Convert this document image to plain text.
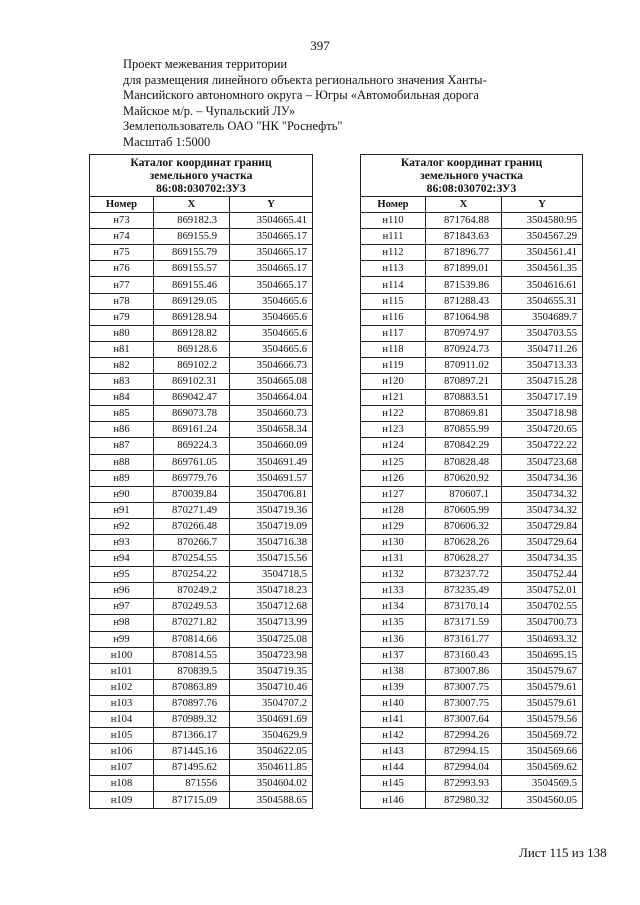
397
Проект межевания территории
для размещения линейного объекта регионального значения Ханты-
Мансийского автономного округа – Югры «Автомобильная дорога
Майское м/р. – Чупальский ЛУ»
Землепользователь ОАО "НК "Роснефть"
Масштаб 1:5000
Каталог координат границ
земельного участка
86:08:030702:ЗУ3		

Номер	X	Y
н73	869182.3	3504665.41
н74	869155.9	3504665.17
н75	869155.79	3504665.17
н76	869155.57	3504665.17
н77	869155.46	3504665.17
н78	869129.05	3504665.6
н79	869128.94	3504665.6
н80	869128.82	3504665.6
н81	869128.6	3504665.6
н82	869102.2	3504666.73
н83	869102.31	3504665.08
н84	869042.47	3504664.04
н85	869073.78	3504660.73
н86	869161.24	3504658.34
н87	869224.3	3504660.09
н88	869761.05	3504691.49
н89	869779.76	3504691.57
н90	870039.84	3504706.81
н91	870271.49	3504719.36
н92	870266.48	3504719.09
н93	870266.7	3504716.38
н94	870254.55	3504715.56
н95	870254.22	3504718.5
н96	870249.2	3504718.23
н97	870249.53	3504712.68
н98	870271.82	3504713.99
н99	870814.66	3504725.08
н100	870814.55	3504723.98
н101	870839.5	3504719.35
н102	870863.89	3504710.46
н103	870897.76	3504707.2
н104	870989.32	3504691.69
н105	871366.17	3504629.9
н106	871445.16	3504622.05
н107	871495.62	3504611.85
н108	871556	3504604.02
н109	871715.09	3504588.65
Каталог координат границ
земельного участка
86:08:030702:ЗУ3		

Номер	X	Y
н110	871764.88	3504580.95
н111	871843.63	3504567.29
н112	871896.77	3504561.41
н113	871899.01	3504561.35
н114	871539.86	3504616.61
н115	871288.43	3504655.31
н116	871064.98	3504689.7
н117	870974.97	3504703.55
н118	870924.73	3504711.26
н119	870911.02	3504713.33
н120	870897.21	3504715.28
н121	870883.51	3504717.19
н122	870869.81	3504718.98
н123	870855.99	3504720.65
н124	870842.29	3504722.22
н125	870828.48	3504723.68
н126	870620.92	3504734.36
н127	870607.1	3504734.32
н128	870605.99	3504734.32
н129	870606.32	3504729.84
н130	870628.26	3504729.64
н131	870628.27	3504734.35
н132	873237.72	3504752.44
н133	873235.49	3504752.01
н134	873170.14	3504702.55
н135	873171.59	3504700.73
н136	873161.77	3504693.32
н137	873160.43	3504695.15
н138	873007.86	3504579.67
н139	873007.75	3504579.61
н140	873007.75	3504579.61
н141	873007.64	3504579.56
н142	872994.26	3504569.72
н143	872994.15	3504569.66
н144	872994.04	3504569.62
н145	872993.93	3504569.5
н146	872980.32	3504560.05
Лист 115 из 138
